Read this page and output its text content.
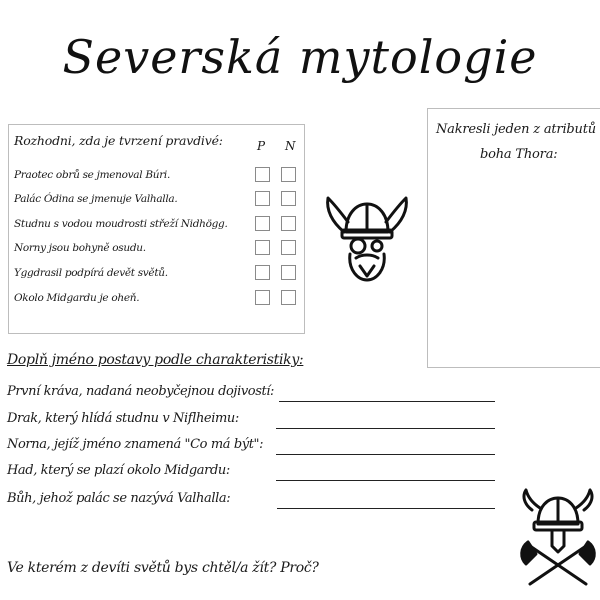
Severská mytologie
Rozhodni, zda je tvrzení pravdivé:	P N
Praotec obrů se jmenoval Búri.
Palác Ódina se jmenuje Valhalla.
Studnu s vodou moudrosti střeží Nidhögg.
Norny jsou bohyně osudu.
Yggdrasil podpírá devět světů.
Okolo Midgardu je oheň.
Nakresli jeden z atributů
boha Thora:
Doplň jméno postavy podle charakteristiky:
První kráva, nadaná neobyčejnou dojivostí:
Drak, který hlídá studnu v Niflheimu:
Norna, jejíž jméno znamená "Co má být":
Had, který se plazí okolo Midgardu:
Bůh, jehož palác se nazývá Valhalla:
Ve kterém z devíti světů bys chtěl/a žít? Proč?
